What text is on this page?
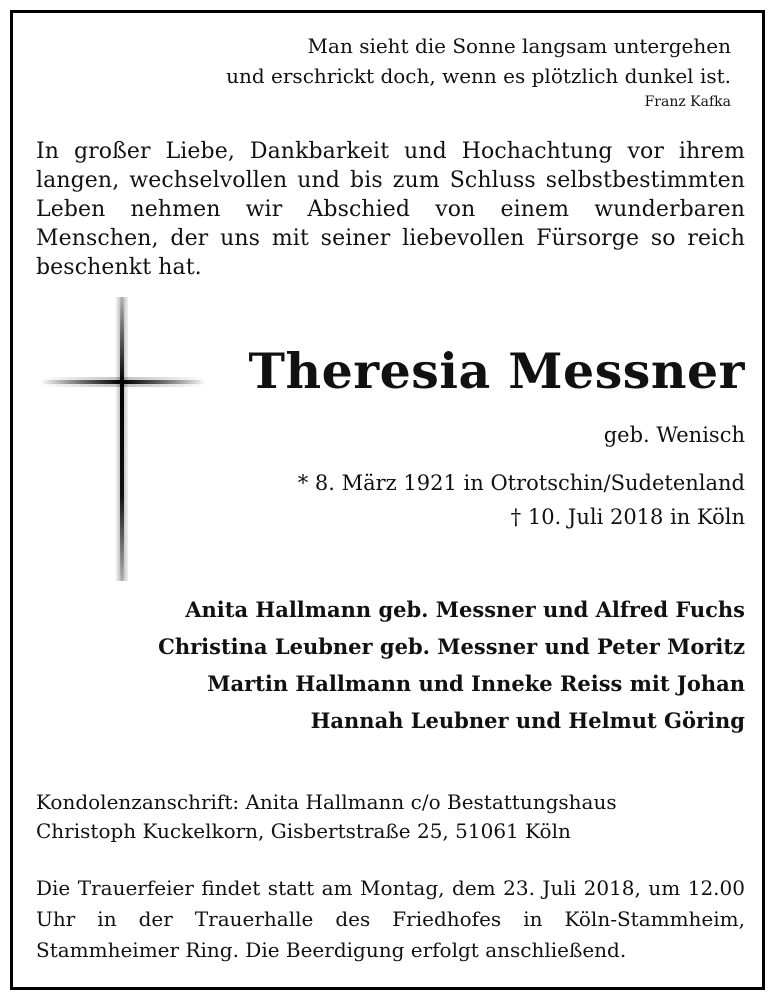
Man sieht die Sonne langsam untergehen
und erschrickt doch, wenn es plötzlich dunkel ist.
Franz Kafka
In großer Liebe, Dankbarkeit und Hochachtung vor ihrem langen, wechselvollen und bis zum Schluss selbstbestimmten Leben nehmen wir Abschied von einem wunderbaren Menschen, der uns mit seiner liebevollen Fürsorge so reich beschenkt hat.
Theresia Messner
geb. Wenisch
* 8. März 1921 in Otrotschin/Sudetenland
† 10. Juli 2018 in Köln
Anita Hallmann geb. Messner und Alfred Fuchs
Christina Leubner geb. Messner und Peter Moritz
Martin Hallmann und Inneke Reiss mit Johan
Hannah Leubner und Helmut Göring
Kondolenzanschrift: Anita Hallmann c/o Bestattungshaus
Christoph Kuckelkorn, Gisbertstraße 25, 51061 Köln
Die Trauerfeier findet statt am Montag, dem 23. Juli 2018, um 12.00 Uhr in der Trauerhalle des Friedhofes in Köln-Stammheim, Stammheimer Ring. Die Beerdigung erfolgt anschließend.
